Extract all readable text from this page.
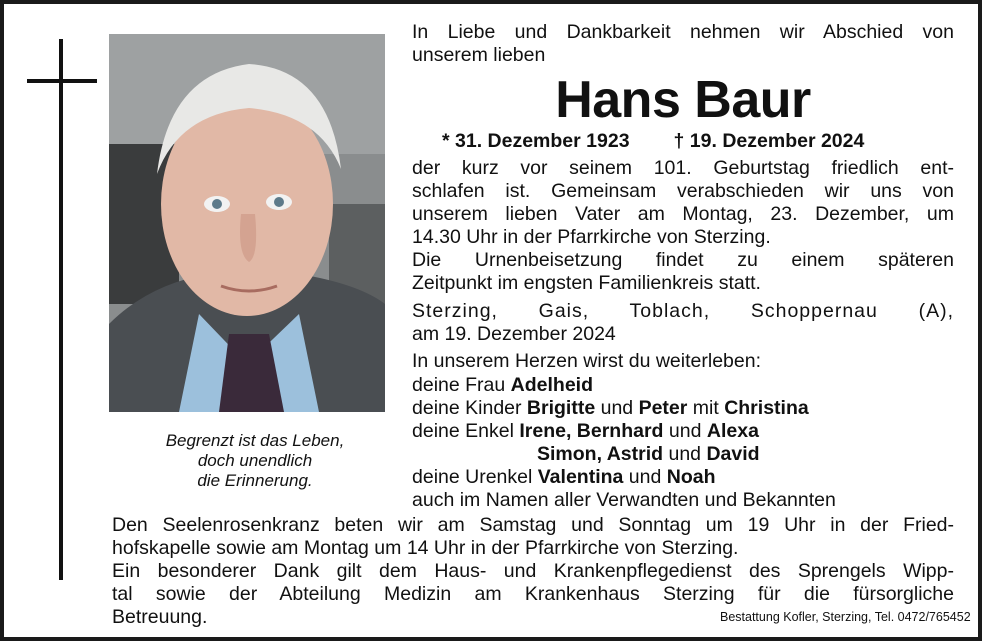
Begrenzt ist das Leben,
doch unendlich
die Erinnerung.
In Liebe und Dankbarkeit nehmen wir Abschied von
unserem lieben
Hans Baur
* 31. Dezember 1923 † 19. Dezember 2024
der kurz vor seinem 101. Geburtstag friedlich ent-
schlafen ist. Gemeinsam verabschieden wir uns von
unserem lieben Vater am Montag, 23. Dezember, um
14.30 Uhr in der Pfarrkirche von Sterzing.
Die Urnenbeisetzung findet zu einem späteren
Zeitpunkt im engsten Familienkreis statt.
Sterzing, Gais, Toblach, Schoppernau (A),
am 19. Dezember 2024
In unserem Herzen wirst du weiterleben:
deine Frau Adelheid
deine Kinder Brigitte und Peter mit Christina
deine Enkel Irene, Bernhard und Alexa
Simon, Astrid und David
deine Urenkel Valentina und Noah
auch im Namen aller Verwandten und Bekannten
Den Seelenrosenkranz beten wir am Samstag und Sonntag um 19 Uhr in der Fried-
hofskapelle sowie am Montag um 14 Uhr in der Pfarrkirche von Sterzing.
Ein besonderer Dank gilt dem Haus- und Krankenpflegedienst des Sprengels Wipp-
tal sowie der Abteilung Medizin am Krankenhaus Sterzing für die fürsorgliche
Betreuung.	Bestattung Kofler, Sterzing, Tel. 0472/765452
